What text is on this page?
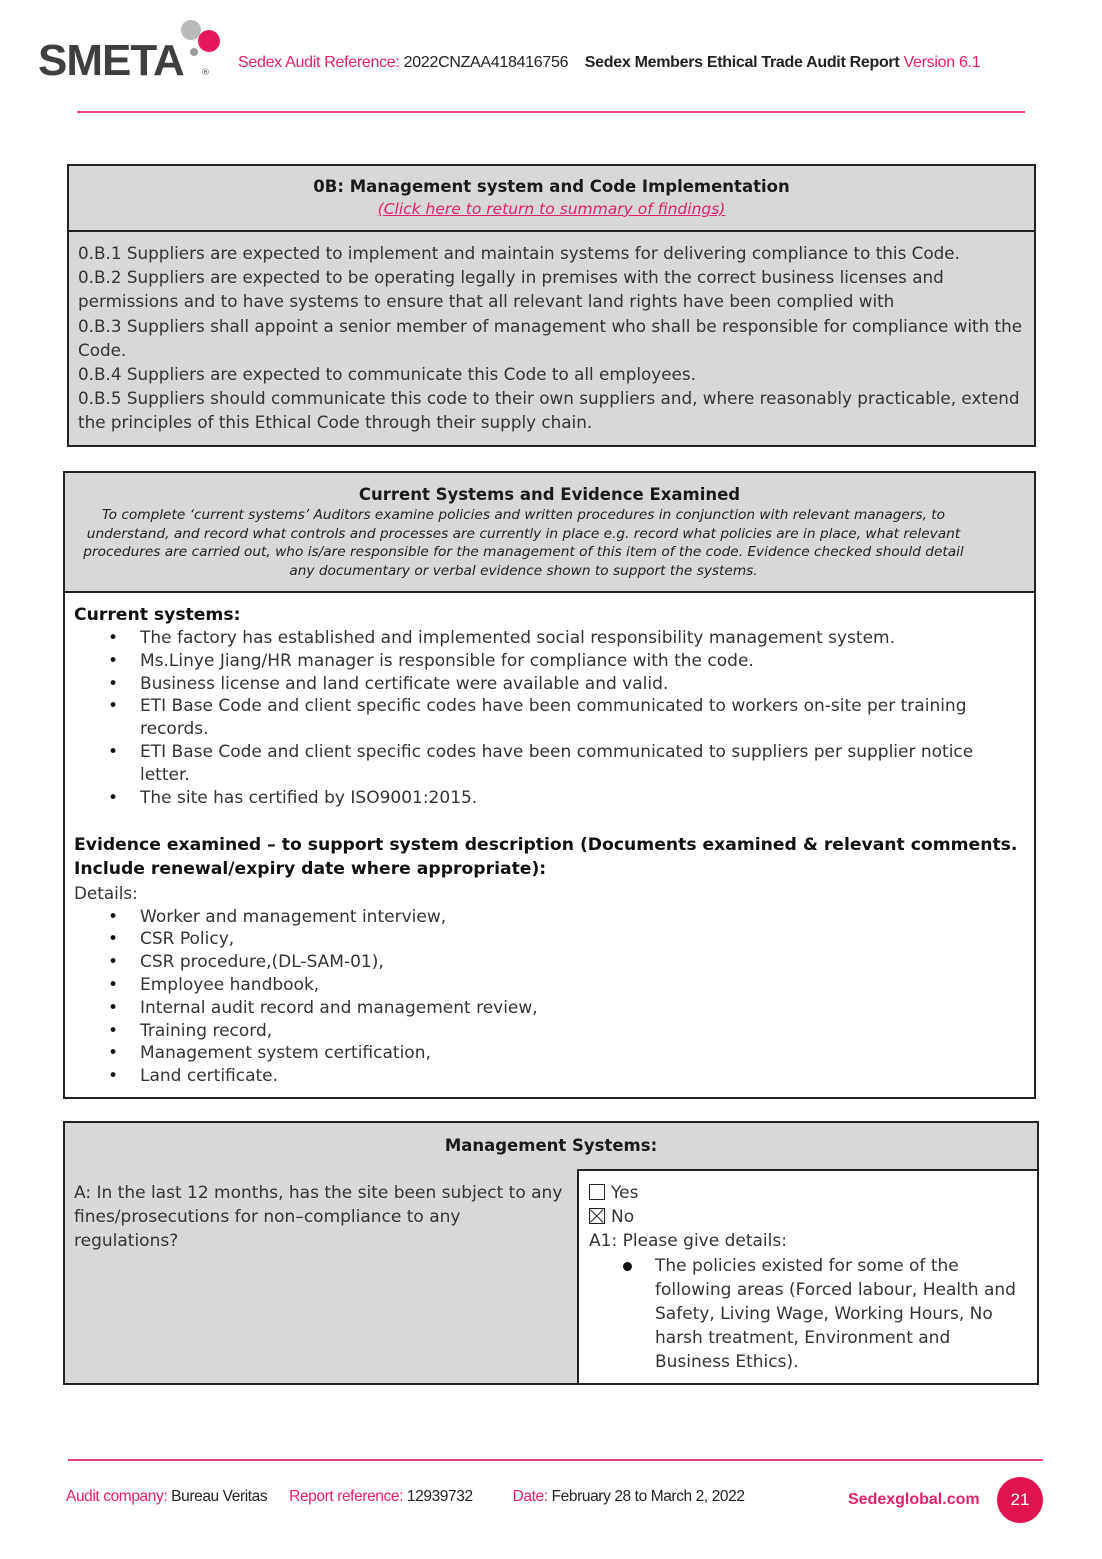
SMETA ®
Sedex Audit Reference: 2022CNZAA418416756 Sedex Members Ethical Trade Audit Report Version 6.1
0B: Management system and Code Implementation
(Click here to return to summary of findings)
0.B.1 Suppliers are expected to implement and maintain systems for delivering compliance to this Code.
0.B.2 Suppliers are expected to be operating legally in premises with the correct business licenses and permissions and to have systems to ensure that all relevant land rights have been complied with
0.B.3 Suppliers shall appoint a senior member of management who shall be responsible for compliance with the Code.
0.B.4 Suppliers are expected to communicate this Code to all employees.
0.B.5 Suppliers should communicate this code to their own suppliers and, where reasonably practicable, extend the principles of this Ethical Code through their supply chain.
Current Systems and Evidence Examined
To complete ‘current systems’ Auditors examine policies and written procedures in conjunction with relevant managers, to understand, and record what controls and processes are currently in place e.g. record what policies are in place, what relevant procedures are carried out, who is/are responsible for the management of this item of the code. Evidence checked should detail any documentary or verbal evidence shown to support the systems.
Current systems:
• The factory has established and implemented social responsibility management system.
• Ms.Linye Jiang/HR manager is responsible for compliance with the code.
• Business license and land certificate were available and valid.
• ETI Base Code and client specific codes have been communicated to workers on-site per training records.
• ETI Base Code and client specific codes have been communicated to suppliers per supplier notice letter.
• The site has certified by ISO9001:2015.
Evidence examined – to support system description (Documents examined & relevant comments. Include renewal/expiry date where appropriate):
Details:
• Worker and management interview,
• CSR Policy,
• CSR procedure,(DL-SAM-01),
• Employee handbook,
• Internal audit record and management review,
• Training record,
• Management system certification,
• Land certificate.
Management Systems:
A: In the last 12 months, has the site been subject to any fines/prosecutions for non–compliance to any regulations?
Yes
No
A1: Please give details:
The policies existed for some of the following areas (Forced labour, Health and Safety, Living Wage, Working Hours, No harsh treatment, Environment and Business Ethics).
Audit company: Bureau Veritas Report reference: 12939732	Date: February 28 to March 2, 2022	Sedexglobal.com	21
